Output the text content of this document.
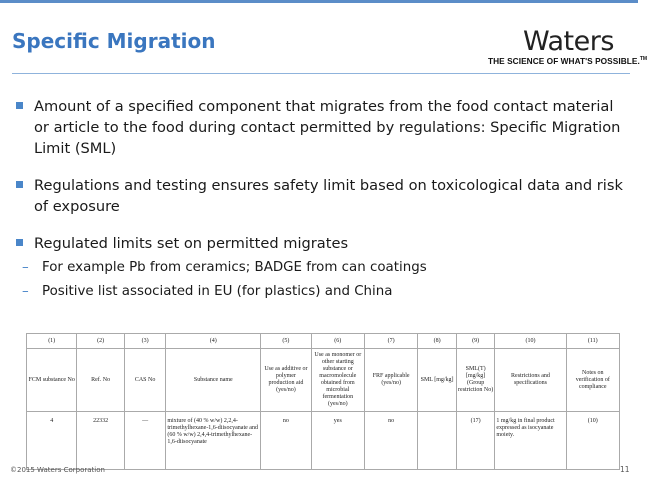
Specific Migration	Waters
THE SCIENCE OF WHAT'S POSSIBLE.™
Amount of a specified component that migrates from the food contact material or article to the food during contact permitted by regulations: Specific Migration Limit (SML)
Regulations and testing ensures safety limit based on toxicological data and risk of exposure
Regulated limits set on permitted migrates
– For example Pb from ceramics; BADGE from can coatings
– Positive list associated in EU (for plastics) and China
(1)	(2)	(3)	(4)	(5)	(6)	(7)	(8)	(9)	(10)	(11)
FCM substance No	Ref. No	CAS No	Substance name	Use as additive or polymer production aid (yes/no)	Use as monomer or other starting substance or macromolecule obtained from microbial fermentation (yes/no)	FRF applicable (yes/no)	SML [mg/kg]	SML(T) [mg/kg] (Group restriction No)	Restrictions and specifications	Notes on verification of compliance
4	22332	—	mixture of (40 % w/w) 2,2,4-trimethylhexane-1,6-diisocyanate and (60 % w/w) 2,4,4-trimethylhexane-1,6-diisocyanate	no	yes	no		(17)	1 mg/kg in final product expressed as isocyanate moiety.	(10)
©2015 Waters Corporation	11
